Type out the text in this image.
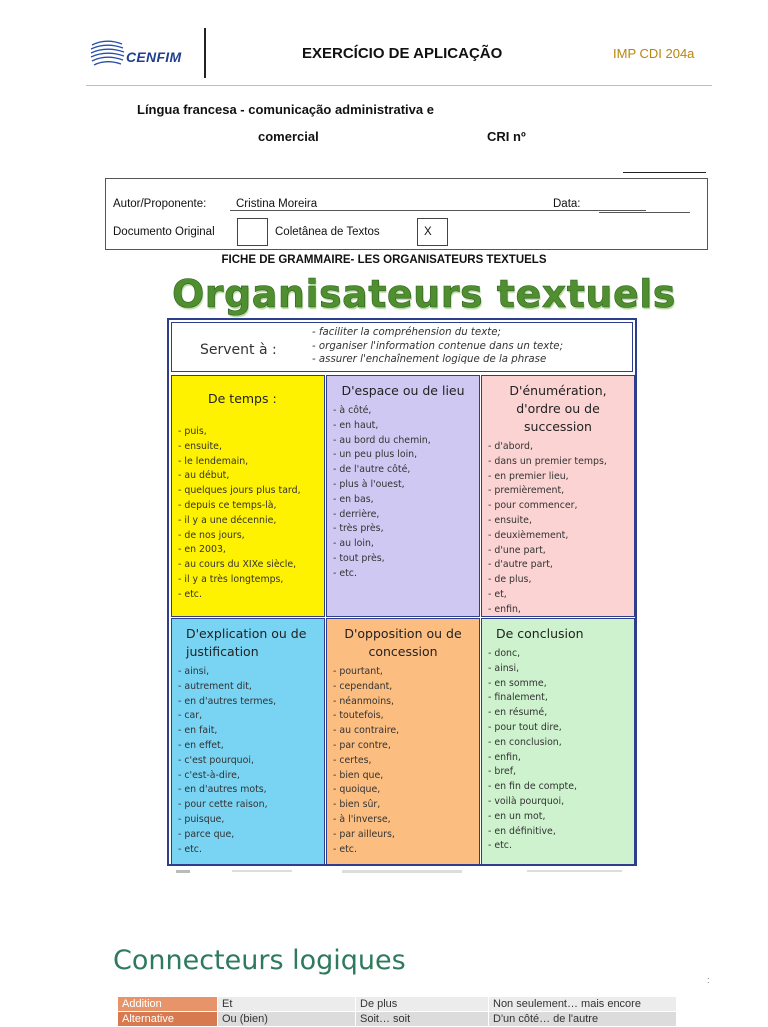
CENFIM	EXERCÍCIO DE APLICAÇÃO	IMP CDI 204a
Língua francesa - comunicação administrativa e
comercial	CRI nº
Autor/Proponente:	Cristina Moreira	Data:
Documento Original	Coletânea de Textos	X
FICHE DE GRAMMAIRE- LES ORGANISATEURS TEXTUELS
Organisateurs textuels
Servent à :
- faciliter la compréhension du texte;
- organiser l'information contenue dans un texte;
- assurer l'enchaînement logique de la phrase
De temps :
- puis,
- ensuite,
- le lendemain,
- au début,
- quelques jours plus tard,
- depuis ce temps-là,
- il y a une décennie,
- de nos jours,
- en 2003,
- au cours du XIXe siècle,
- il y a très longtemps,
- etc.
D'espace ou de lieu
- à côté,
- en haut,
- au bord du chemin,
- un peu plus loin,
- de l'autre côté,
- plus à l'ouest,
- en bas,
- derrière,
- très près,
- au loin,
- tout près,
- etc.
D'énumération, d'ordre ou de succession
- d'abord,
- dans un premier temps,
- en premier lieu,
- premièrement,
- pour commencer,
- ensuite,
- deuxièmement,
- d'une part,
- d'autre part,
- de plus,
- et,
- enfin,
D'explication ou de justification
- ainsi,
- autrement dit,
- en d'autres termes,
- car,
- en fait,
- en effet,
- c'est pourquoi,
- c'est-à-dire,
- en d'autres mots,
- pour cette raison,
- puisque,
- parce que,
- etc.
D'opposition ou de concession
- pourtant,
- cependant,
- néanmoins,
- toutefois,
- au contraire,
- par contre,
- certes,
- bien que,
- quoique,
- bien sûr,
- à l'inverse,
- par ailleurs,
- etc.
De conclusion
- donc,
- ainsi,
- en somme,
- finalement,
- en résumé,
- pour tout dire,
- en conclusion,
- enfin,
- bref,
- en fin de compte,
- voilà pourquoi,
- en un mot,
- en définitive,
- etc.
Connecteurs logiques
:
Addition	Et	De plus	Non seulement… mais encore
Alternative	Ou (bien)	Soit… soit	D'un côté… de l'autre
